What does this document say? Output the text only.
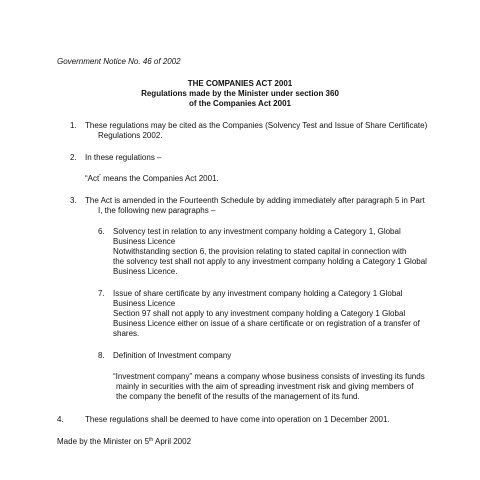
Government Notice No. 46 of 2002
THE COMPANIES ACT 2001
Regulations made by the Minister under section 360
of the Companies Act 2001
1. These regulations may be cited as the Companies (Solvency Test and Issue of Share Certificate)
Regulations 2002.
2. In these regulations –
“Act” means the Companies Act 2001.
3. The Act is amended in the Fourteenth Schedule by adding immediately after paragraph 5 in Part
I, the following new paragraphs –
6. Solvency test in relation to any investment company holding a Category 1, Global
Business Licence
Notwithstanding section 6, the provision relating to stated capital in connection with
the solvency test shall not apply to any investment company holding a Category 1 Global
Business Licence.
7. Issue of share certificate by any investment company holding a Category 1 Global
Business Licence
Section 97 shall not apply to any investment company holding a Category 1 Global
Business Licence either on issue of a share certificate or on registration of a transfer of
shares.
8. Definition of Investment company
“Investment company” means a company whose business consists of investing its funds
mainly in securities with the aim of spreading investment risk and giving members of
the company the benefit of the results of the management of its fund.
4.	These regulations shall be deemed to have come into operation on 1 December 2001.
Made by the Minister on 5th April 2002
